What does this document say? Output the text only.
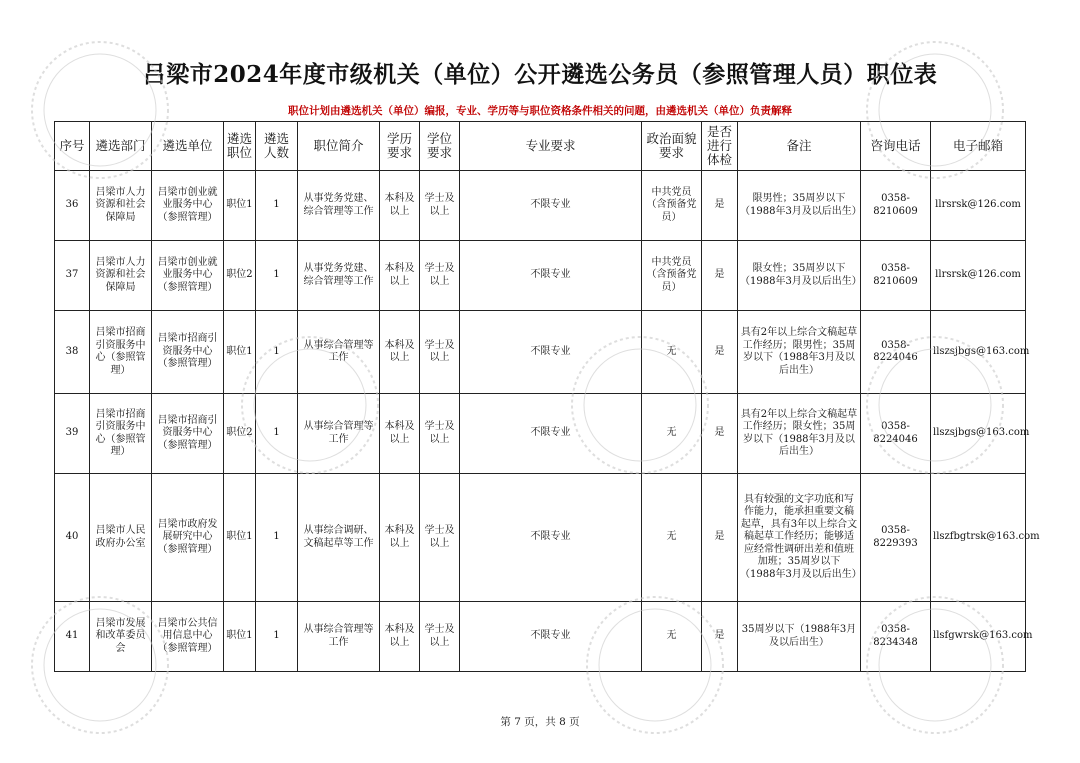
吕梁市2024年度市级机关（单位）公开遴选公务员（参照管理人员）职位表
职位计划由遴选机关（单位）编报，专业、学历等与职位资格条件相关的问题，由遴选机关（单位）负责解释
序号	遴选部门	遴选单位	遴选职位	遴选人数	职位简介	学历要求	学位要求	专业要求	政治面貌要求	是否进行体检	备注	咨询电话	电子邮箱
36	吕梁市人力资源和社会保障局	吕梁市创业就业服务中心（参照管理）	职位1	1	从事党务党建、综合管理等工作	本科及以上	学士及以上	不限专业	中共党员（含预备党员）	是	限男性；35周岁以下（1988年3月及以后出生）	0358-8210609	llrsrsk@126.com
37	吕梁市人力资源和社会保障局	吕梁市创业就业服务中心（参照管理）	职位2	1	从事党务党建、综合管理等工作	本科及以上	学士及以上	不限专业	中共党员（含预备党员）	是	限女性；35周岁以下（1988年3月及以后出生）	0358-8210609	llrsrsk@126.com
38	吕梁市招商引资服务中心（参照管理）	吕梁市招商引资服务中心（参照管理）	职位1	1	从事综合管理等工作	本科及以上	学士及以上	不限专业	无	是	具有2年以上综合文稿起草工作经历；限男性；35周岁以下（1988年3月及以后出生）	0358-8224046	llszsjbgs@163.com
39	吕梁市招商引资服务中心（参照管理）	吕梁市招商引资服务中心（参照管理）	职位2	1	从事综合管理等工作	本科及以上	学士及以上	不限专业	无	是	具有2年以上综合文稿起草工作经历；限女性；35周岁以下（1988年3月及以后出生）	0358-8224046	llszsjbgs@163.com
40	吕梁市人民政府办公室	吕梁市政府发展研究中心（参照管理）	职位1	1	从事综合调研、文稿起草等工作	本科及以上	学士及以上	不限专业	无	是	具有较强的文字功底和写作能力，能承担重要文稿起草，具有3年以上综合文稿起草工作经历；能够适应经常性调研出差和值班加班；35周岁以下（1988年3月及以后出生）	0358-8229393	llszfbgtrsk@163.com
41	吕梁市发展和改革委员会	吕梁市公共信用信息中心（参照管理）	职位1	1	从事综合管理等工作	本科及以上	学士及以上	不限专业	无	是	35周岁以下（1988年3月及以后出生）	0358-8234348	llsfgwrsk@163.com
第 7 页，共 8 页
